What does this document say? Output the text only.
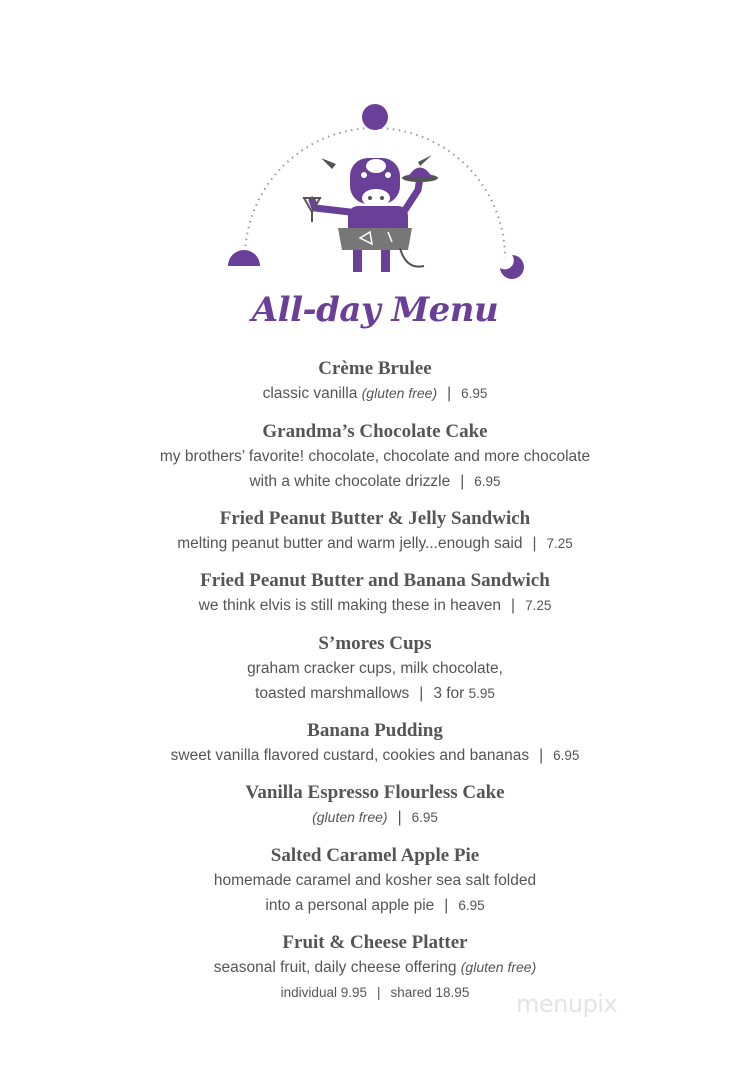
All-day Menu
Crème Brulee
classic vanilla (gluten free) | 6.95
Grandma’s Chocolate Cake
my brothers’ favorite! chocolate, chocolate and more chocolate
with a white chocolate drizzle | 6.95
Fried Peanut Butter & Jelly Sandwich
melting peanut butter and warm jelly...enough said | 7.25
Fried Peanut Butter and Banana Sandwich
we think elvis is still making these in heaven | 7.25
S’mores Cups
graham cracker cups, milk chocolate,
toasted marshmallows | 3 for 5.95
Banana Pudding
sweet vanilla flavored custard, cookies and bananas | 6.95
Vanilla Espresso Flourless Cake
(gluten free) | 6.95
Salted Caramel Apple Pie
homemade caramel and kosher sea salt folded
into a personal apple pie | 6.95
Fruit & Cheese Platter
seasonal fruit, daily cheese offering (gluten free)
individual 9.95 | shared 18.95	menupix
